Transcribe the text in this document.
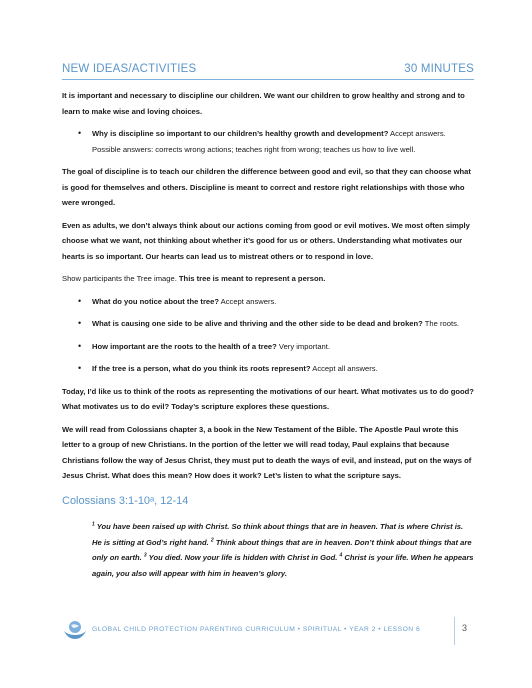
NEW IDEAS/ACTIVITIES	30 MINUTES

It is important and necessary to discipline our children. We want our children to grow healthy and strong and to learn to make wise and loving choices.

• Why is discipline so important to our children’s healthy growth and development? Accept answers. Possible answers: corrects wrong actions; teaches right from wrong; teaches us how to live well.

The goal of discipline is to teach our children the difference between good and evil, so that they can choose what is good for themselves and others. Discipline is meant to correct and restore right relationships with those who were wronged.

Even as adults, we don’t always think about our actions coming from good or evil motives. We most often simply choose what we want, not thinking about whether it’s good for us or others. Understanding what motivates our hearts is so important. Our hearts can lead us to mistreat others or to respond in love.

Show participants the Tree image. This tree is meant to represent a person.

• What do you notice about the tree? Accept answers.
• What is causing one side to be alive and thriving and the other side to be dead and broken? The roots.
• How important are the roots to the health of a tree? Very important.
• If the tree is a person, what do you think its roots represent? Accept all answers.

Today, I’d like us to think of the roots as representing the motivations of our heart. What motivates us to do good? What motivates us to do evil? Today’s scripture explores these questions.

We will read from Colossians chapter 3, a book in the New Testament of the Bible. The Apostle Paul wrote this letter to a group of new Christians. In the portion of the letter we will read today, Paul explains that because Christians follow the way of Jesus Christ, they must put to death the ways of evil, and instead, put on the ways of Jesus Christ. What does this mean? How does it work? Let’s listen to what the scripture says.

Colossians 3:1-10ᵃ, 12-14
$^1$ You have been raised up with Christ. So think about things that are in heaven. That is where Christ is. He is sitting at God’s right hand. $^2$ Think about things that are in heaven. Don’t think about things that are only on earth. $^3$ You died. Now your life is hidden with Christ in God. $^4$ Christ is your life. When he appears again, you also will appear with him in heaven’s glory.
GLOBAL CHILD PROTECTION PARENTING CURRICULUM • SPIRITUAL • YEAR 2 • LESSON 6	3
